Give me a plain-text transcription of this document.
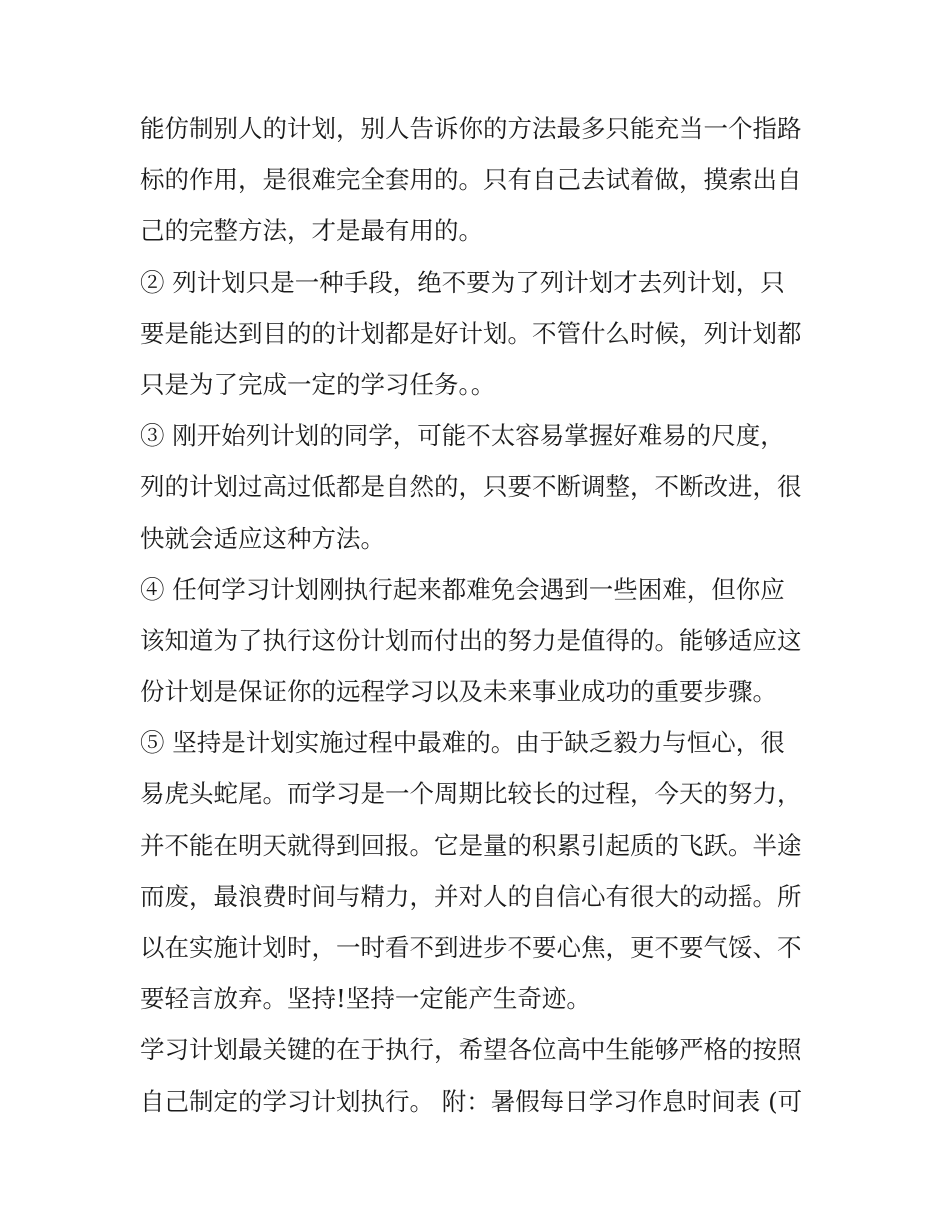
能仿制别人的计划，别人告诉你的方法最多只能充当一个指路
标的作用，是很难完全套用的。只有自己去试着做，摸索出自
己的完整方法，才是最有用的。
② 列计划只是一种手段，绝不要为了列计划才去列计划，只
要是能达到目的的计划都是好计划。不管什么时候，列计划都
只是为了完成一定的学习任务。。
③ 刚开始列计划的同学，可能不太容易掌握好难易的尺度，
列的计划过高过低都是自然的，只要不断调整，不断改进，很
快就会适应这种方法。
④ 任何学习计划刚执行起来都难免会遇到一些困难，但你应
该知道为了执行这份计划而付出的努力是值得的。能够适应这
份计划是保证你的远程学习以及未来事业成功的重要步骤。
⑤ 坚持是计划实施过程中最难的。由于缺乏毅力与恒心，很
易虎头蛇尾。而学习是一个周期比较长的过程，今天的努力，
并不能在明天就得到回报。它是量的积累引起质的飞跃。半途
而废，最浪费时间与精力，并对人的自信心有很大的动摇。所
以在实施计划时，一时看不到进步不要心焦，更不要气馁、不
要轻言放弃。坚持!坚持一定能产生奇迹。
学习计划最关键的在于执行，希望各位高中生能够严格的按照
自己制定的学习计划执行。 附：暑假每日学习作息时间表 (可
